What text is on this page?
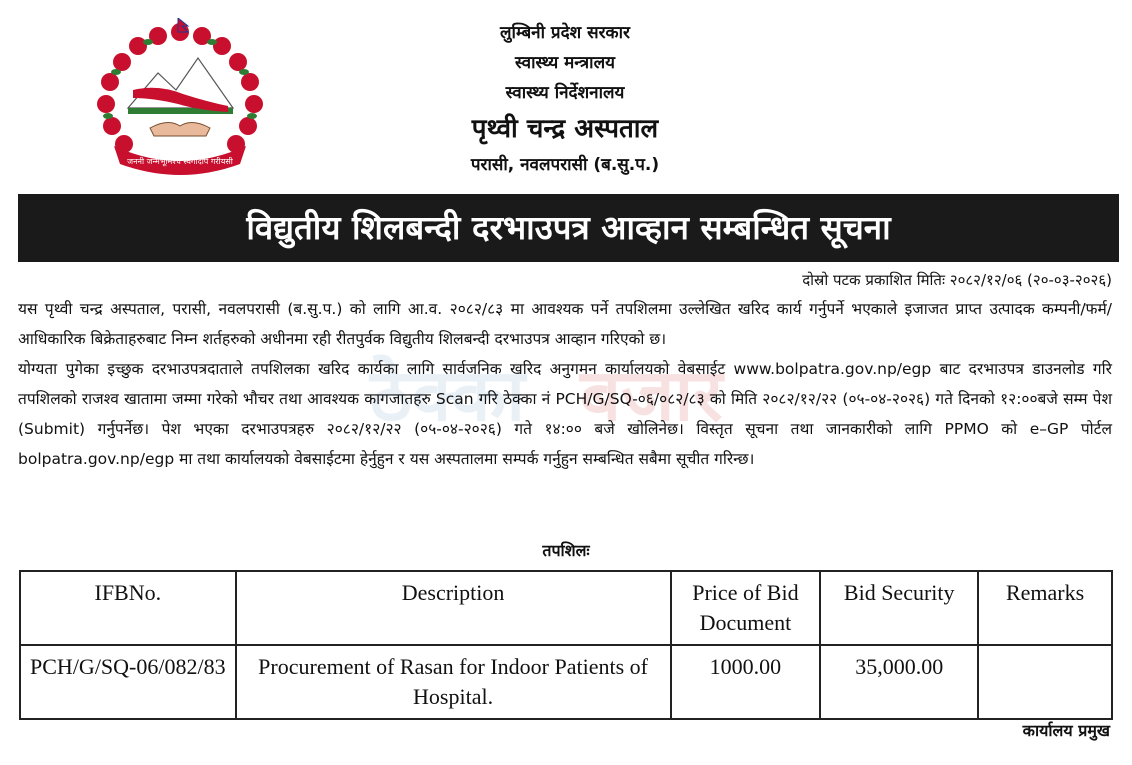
जननी जन्मभूमिश्च स्वर्गादपि गरीयसी
लुम्बिनी प्रदेश सरकार
स्वास्थ्य मन्त्रालय
स्वास्थ्य निर्देशनालय
पृथ्वी चन्द्र अस्पताल
परासी, नवलपरासी (ब.सु.प.)
विद्युतीय शिलबन्दी दरभाउपत्र आव्हान सम्बन्धित सूचना
दोस्रो पटक प्रकाशित मितिः २०८२/१२/०६ (२०-०३-२०२६)
ठेक्का बजार

यस पृथ्वी चन्द्र अस्पताल, परासी, नवलपरासी (ब.सु.प.) को लागि आ.व. २०८२/८३ मा आवश्यक पर्ने तपशिलमा उल्लेखित खरिद कार्य गर्नुपर्ने भएकाले इजाजत प्राप्त उत्पादक कम्पनी/फर्म/आधिकारिक बिक्रेताहरुबाट निम्न शर्तहरुको अधीनमा रही रीतपुर्वक विद्युतीय शिलबन्दी दरभाउपत्र आव्हान गरिएको छ।

योग्यता पुगेका इच्छुक दरभाउपत्रदाताले तपशिलका खरिद कार्यका लागि सार्वजनिक खरिद अनुगमन कार्यालयको वेबसाईट www.bolpatra.gov.np/egp बाट दरभाउपत्र डाउनलोड गरि तपशिलको राजश्व खातामा जम्मा गरेको भौचर तथा आवश्यक कागजातहरु Scan गरि ठेक्का नं PCH/G/SQ-०६/०८२/८३ को मिति २०८२/१२/२२ (०५-०४-२०२६) गते दिनको १२:००बजे सम्म पेश (Submit) गर्नुपर्नेछ। पेश भएका दरभाउपत्रहरु २०८२/१२/२२ (०५-०४-२०२६) गते १४:०० बजे खोलिनेछ। विस्तृत सूचना तथा जानकारीको लागि PPMO को e–GP पोर्टल bolpatra.gov.np/egp मा तथा कार्यालयको वेबसाईटमा हेर्नुहुन र यस अस्पतालमा सम्पर्क गर्नुहुन सम्बन्धित सबैमा सूचीत गरिन्छ।

तपशिलः
IFBNo.	Description	Price of Bid Document	Bid Security	Remarks
PCH/G/SQ-06/082/83	Procurement of Rasan for Indoor Patients of Hospital.	1000.00	35,000.00	
कार्यालय प्रमुख
